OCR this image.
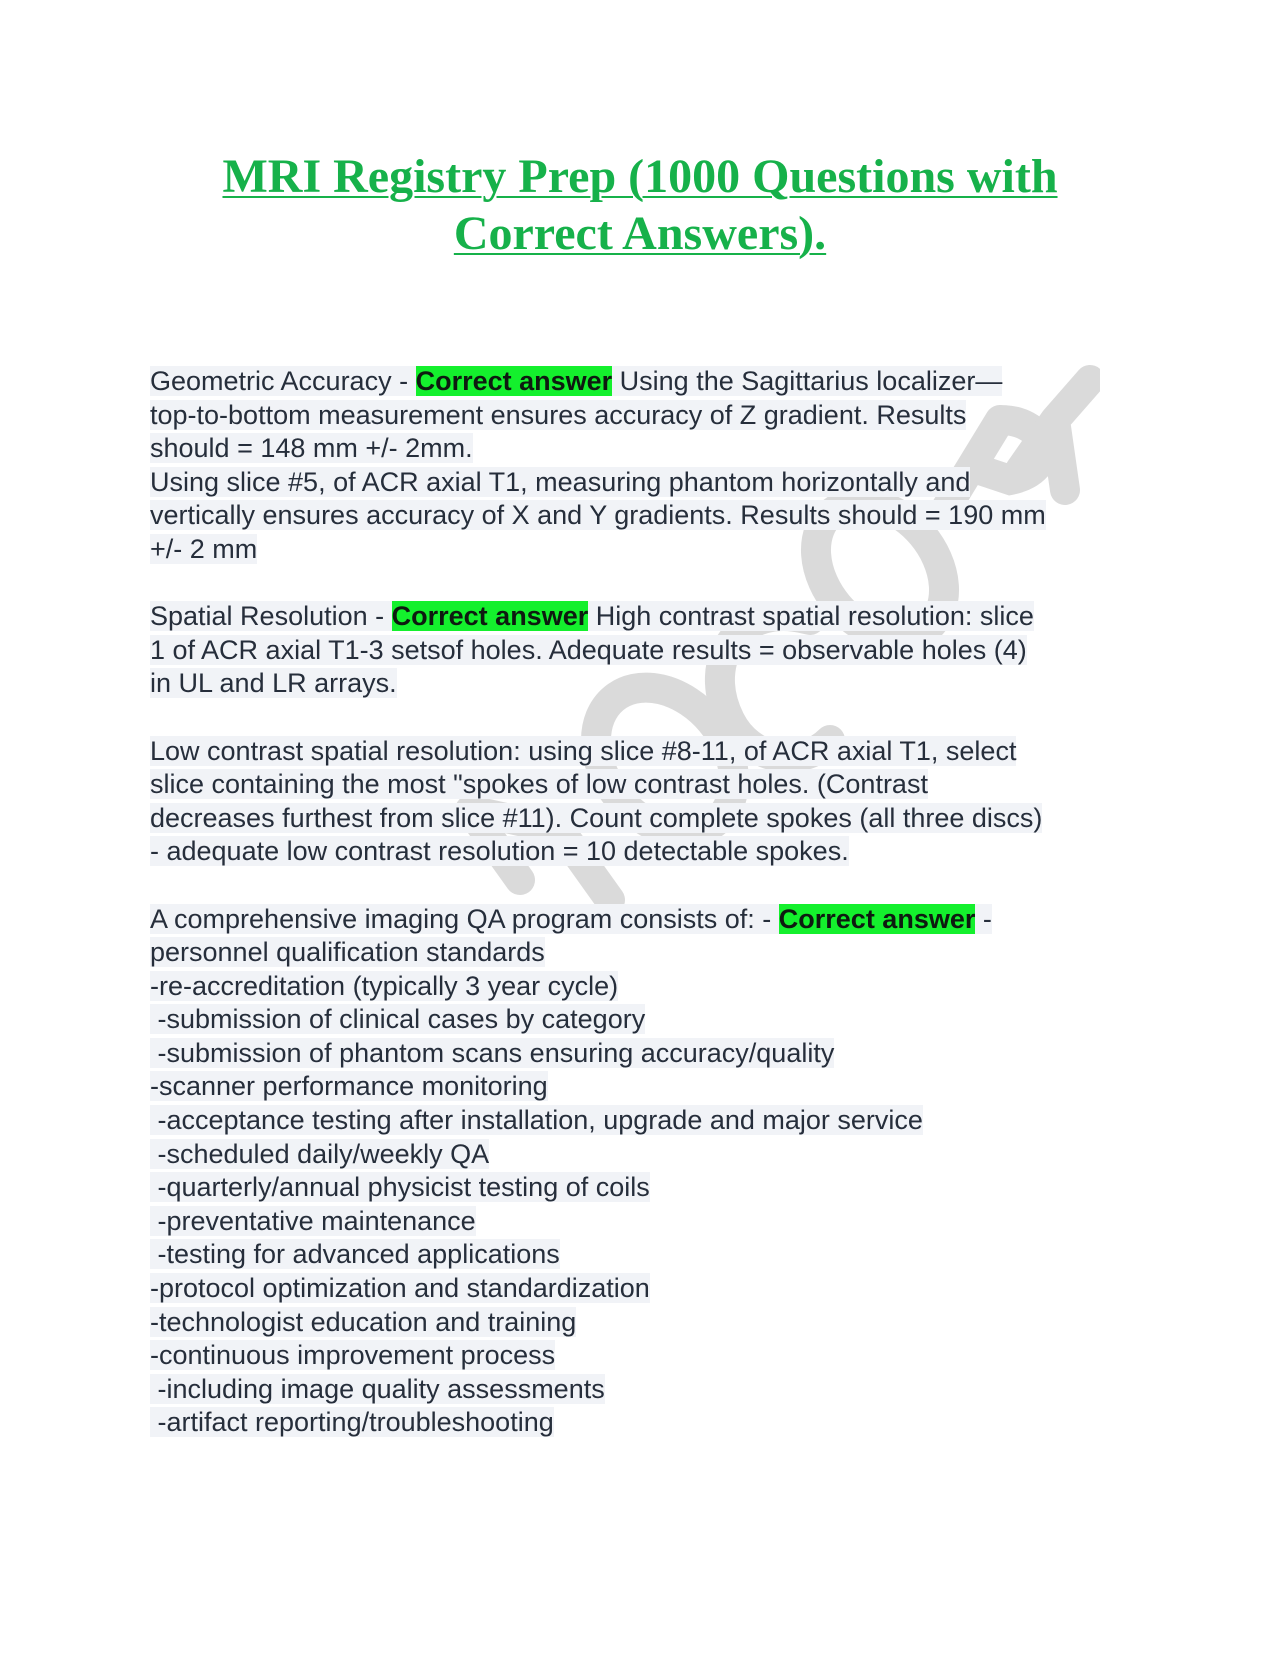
MRI Registry Prep (1000 Questions with
Correct Answers).
Geometric Accuracy - Correct answer Using the Sagittarius localizer—
top-to-bottom measurement ensures accuracy of Z gradient. Results
should = 148 mm +/- 2mm.
Using slice #5, of ACR axial T1, measuring phantom horizontally and
vertically ensures accuracy of X and Y gradients. Results should = 190 mm
+/- 2 mm
Spatial Resolution - Correct answer High contrast spatial resolution: slice
1 of ACR axial T1-3 setsof holes. Adequate results = observable holes (4)
in UL and LR arrays.
Low contrast spatial resolution: using slice #8-11, of ACR axial T1, select
slice containing the most "spokes of low contrast holes. (Contrast
decreases furthest from slice #11). Count complete spokes (all three discs)
- adequate low contrast resolution = 10 detectable spokes.
A comprehensive imaging QA program consists of: - Correct answer -
personnel qualification standards
-re-accreditation (typically 3 year cycle)
-submission of clinical cases by category
-submission of phantom scans ensuring accuracy/quality
-scanner performance monitoring
-acceptance testing after installation, upgrade and major service
-scheduled daily/weekly QA
-quarterly/annual physicist testing of coils
-preventative maintenance
-testing for advanced applications
-protocol optimization and standardization
-technologist education and training
-continuous improvement process
-including image quality assessments
-artifact reporting/troubleshooting
